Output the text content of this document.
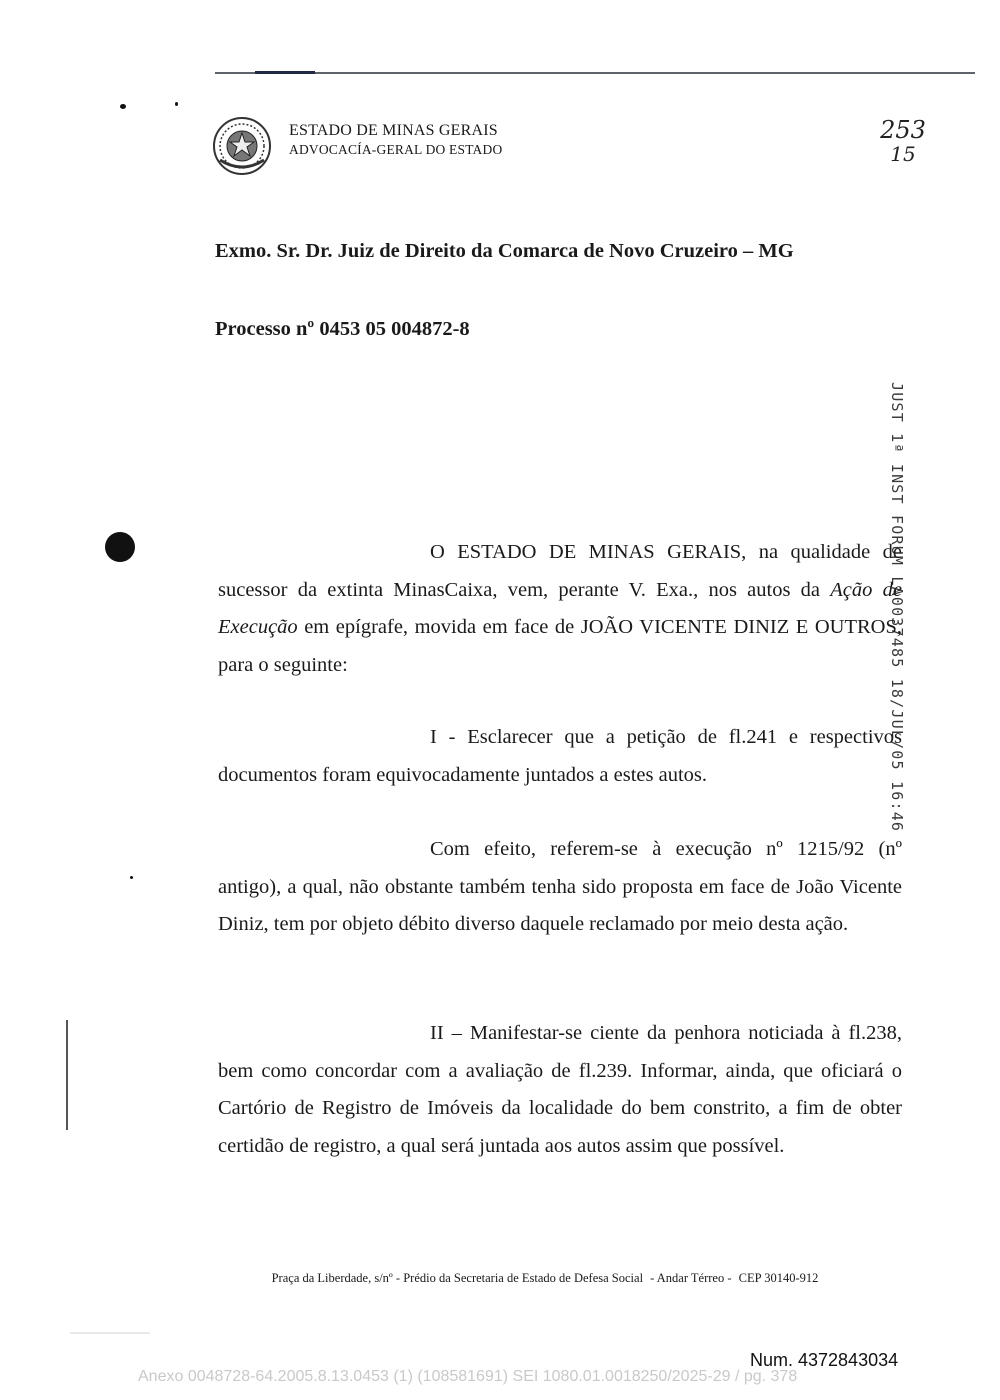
ESTADO DE MINAS GERAIS
ADVOCACÍA-GERAL DO ESTADO
253
15
Exmo. Sr. Dr. Juiz de Direito da Comarca de Novo Cruzeiro – MG
Processo nº 0453 05 004872-8
JUST 1ª INST FORUM LA0037485 18/JUL/05 16:46

O ESTADO DE MINAS GERAIS, na qualidade de sucessor da extinta MinasCaixa, vem, perante V. Exa., nos autos da Ação de Execução em epígrafe, movida em face de JOÃO VICENTE DINIZ E OUTROS, para o seguinte:

I - Esclarecer que a petição de fl.241 e respectivos documentos foram equivocadamente juntados a estes autos.

Com efeito, referem-se à execução nº 1215/92 (nº antigo), a qual, não obstante também tenha sido proposta em face de João Vicente Diniz, tem por objeto débito diverso daquele reclamado por meio desta ação.

II – Manifestar-se ciente da penhora noticiada à fl.238, bem como concordar com a avaliação de fl.239. Informar, ainda, que oficiará o Cartório de Registro de Imóveis da localidade do bem constrito, a fim de obter certidão de registro, a qual será juntada aos autos assim que possível.

Praça da Liberdade, s/nº - Prédio da Secretaria de Estado de Defesa Social - Andar Térreo - CEP 30140-912
Num. 4372843034
Anexo 0048728-64.2005.8.13.0453 (1) (108581691) SEI 1080.01.0018250/2025-29 / pg. 378
